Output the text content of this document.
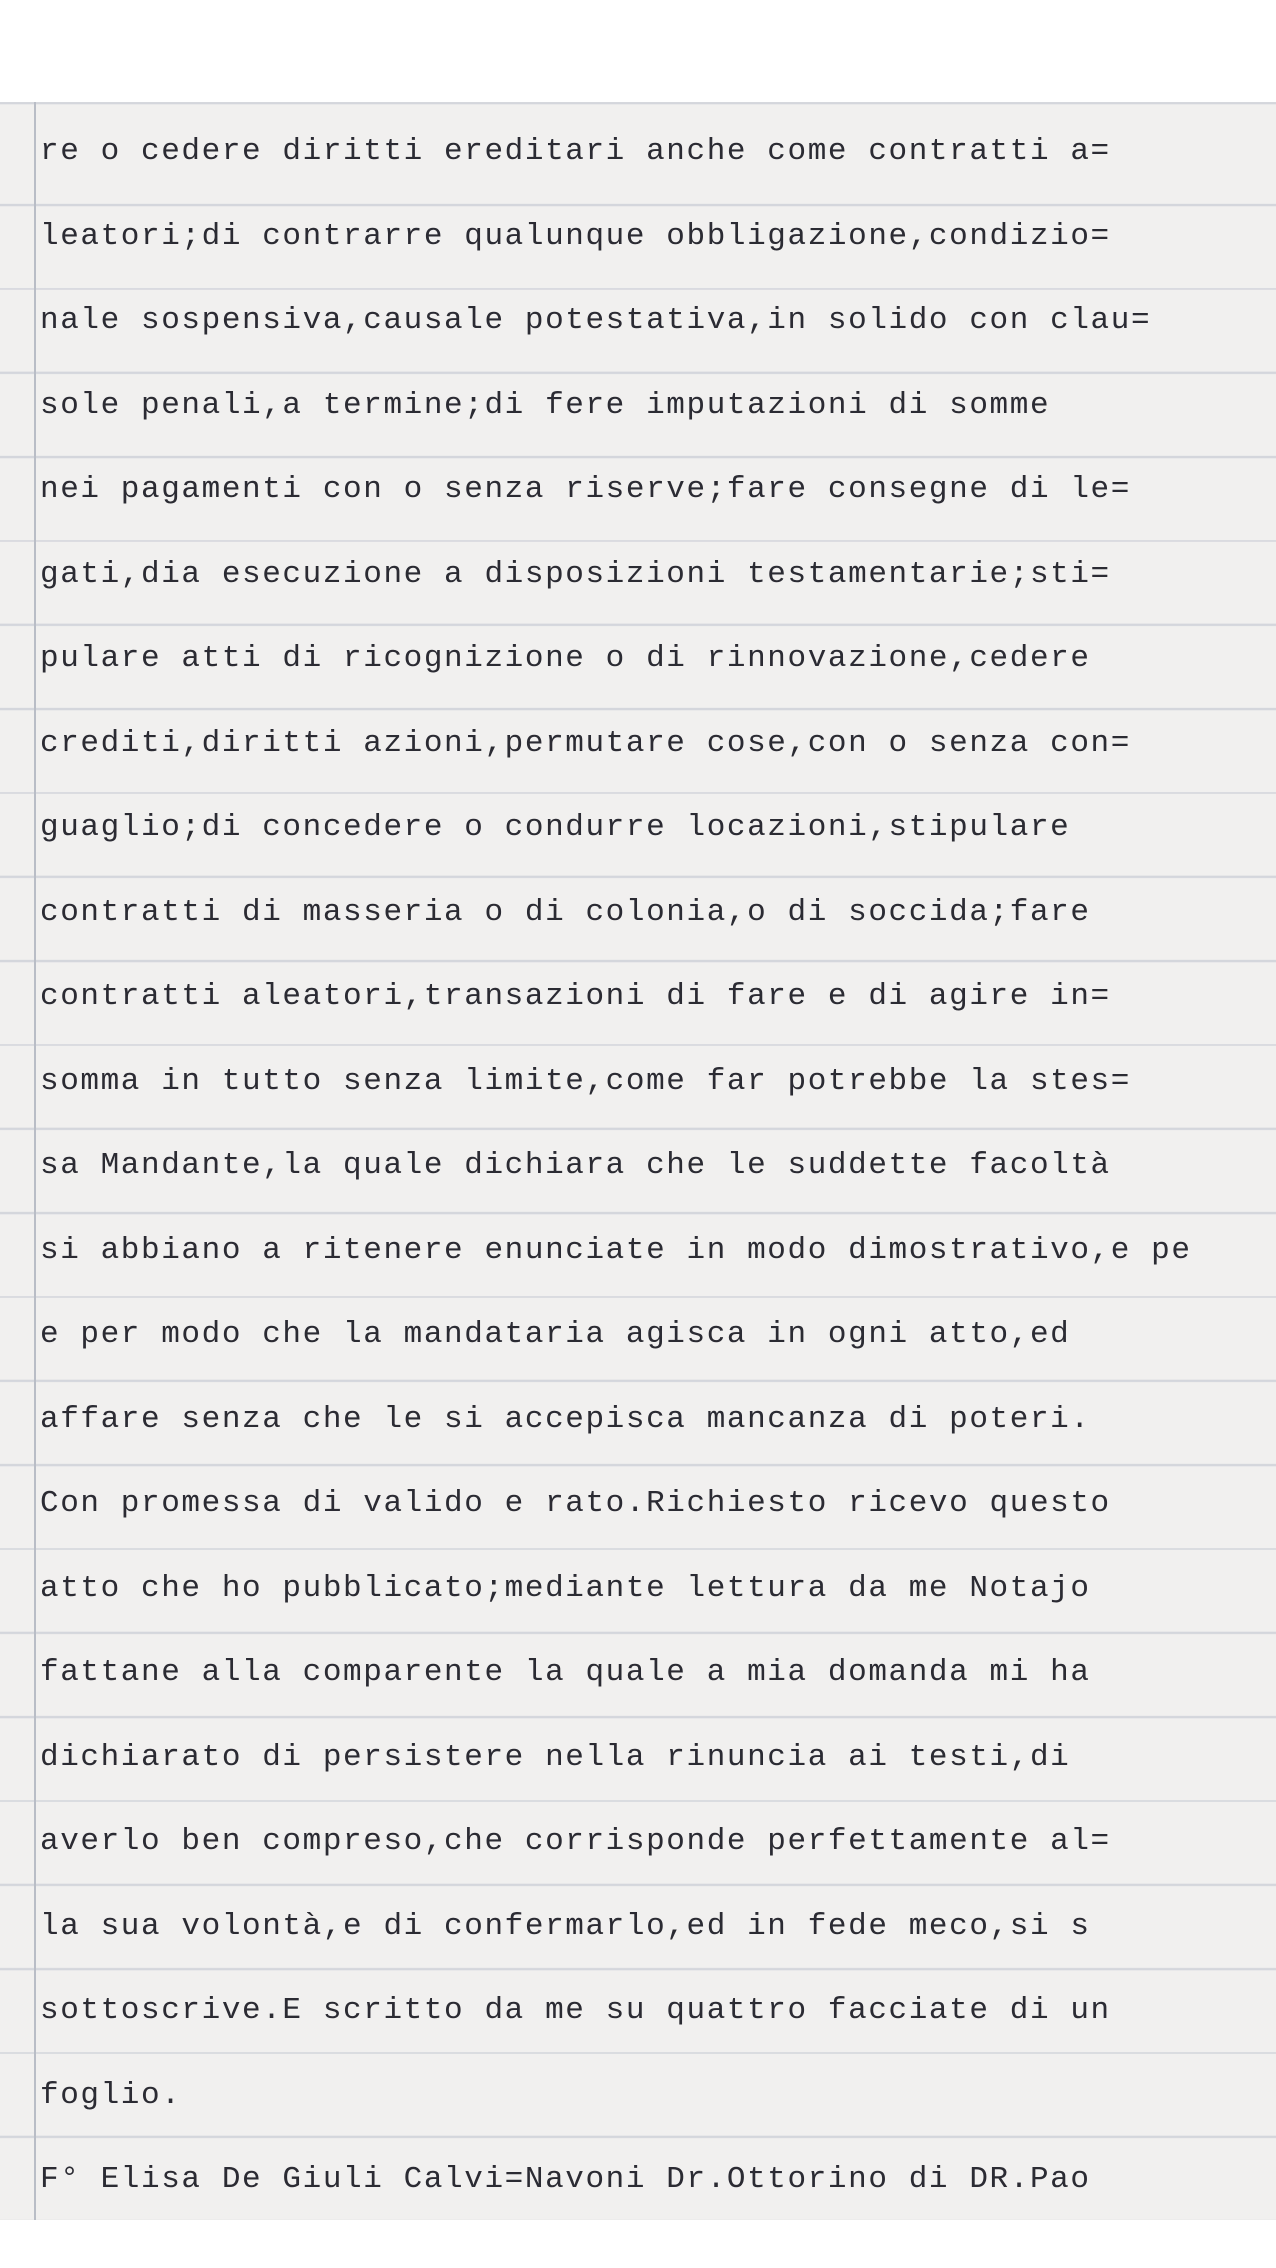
re o cedere diritti ereditari anche come contratti a=
leatori;di contrarre qualunque obbligazione,condizio=
nale sospensiva,causale potestativa,in solido con clau=
sole penali,a termine;di fere imputazioni di somme
nei pagamenti con o senza riserve;fare consegne di le=
gati,dia esecuzione a disposizioni testamentarie;sti=
pulare atti di ricognizione o di rinnovazione,cedere
crediti,diritti azioni,permutare cose,con o senza con=
guaglio;di concedere o condurre locazioni,stipulare
contratti di masseria o di colonia,o di soccida;fare
contratti aleatori,transazioni di fare e di agire in=
somma in tutto senza limite,come far potrebbe la stes=
sa Mandante,la quale dichiara che le suddette facoltà
si abbiano a ritenere enunciate in modo dimostrativo,e pe
e per modo che la mandataria agisca in ogni atto,ed
affare senza che le si accepisca mancanza di poteri.
Con promessa di valido e rato.Richiesto ricevo questo
atto che ho pubblicato;mediante lettura da me Notajo
fattane alla comparente la quale a mia domanda mi ha
dichiarato di persistere nella rinuncia ai testi,di
averlo ben compreso,che corrisponde perfettamente al=
la sua volontà,e di confermarlo,ed in fede meco,si s
sottoscrive.E scritto da me su quattro facciate di un
foglio.
F° Elisa De Giuli Calvi=Navoni Dr.Ottorino di DR.Pao
